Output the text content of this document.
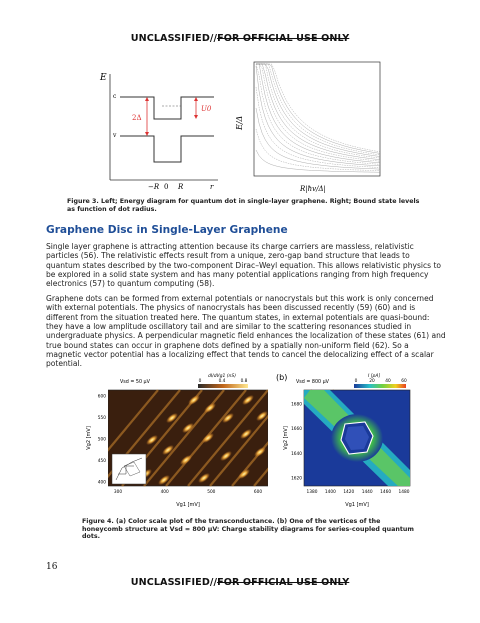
UNCLASSIFIED//FOR OFFICIAL USE ONLY
E
c
v
2Δ
U0
−R 0 R	r
E/Δ
R|ħv/Δ|
Figure 3. Left; Energy diagram for quantum dot in single-layer graphene. Right; Bound state levels as function of dot radius.
Graphene Disc in Single-Layer Graphene
Single layer graphene is attracting attention because its charge carriers are massless, relativistic particles (56). The relativistic effects result from a unique, zero-gap band structure that leads to quantum states described by the two-component Dirac–Weyl equation. This allows relativistic physics to be explored in a solid state system and has many potential applications ranging from high frequency electronics (57) to quantum computing (58).
Graphene dots can be formed from external potentials or nanocrystals but this work is only concerned with external potentials. The physics of nanocrystals has been discussed recently (59) (60) and is different from the situation treated here. The quantum states, in external potentials are quasi-bound: they have a low amplitude oscillatory tail and are similar to the scattering resonances studied in undergraduate physics. A perpendicular magnetic field enhances the localization of these states (61) and true bound states can occur in graphene dots defined by a spatially non-uniform field (62). So a magnetic vector potential has a localizing effect that tends to cancel the delocalizing effect of a scalar potential.
Vsd = 50 µV
dI/dVg1 (nS)
0	0.4	0.8
600
550
500
450
400
300	400	500	600
Vg2 [mV]
Vg1 [mV]
(b)
Vsd = 800 µV
I [pA]
0	20 40 60
1680
1660
1640
1620
1380 1400 1420 1440 1460 1480
Vg2 [mV]
Vg1 [mV]
Figure 4. (a) Color scale plot of the transconductance. (b) One of the vertices of the honeycomb structure at Vsd = 800 µV: Charge stability diagrams for series-coupled quantum dots.
16
UNCLASSIFIED//FOR OFFICIAL USE ONLY
